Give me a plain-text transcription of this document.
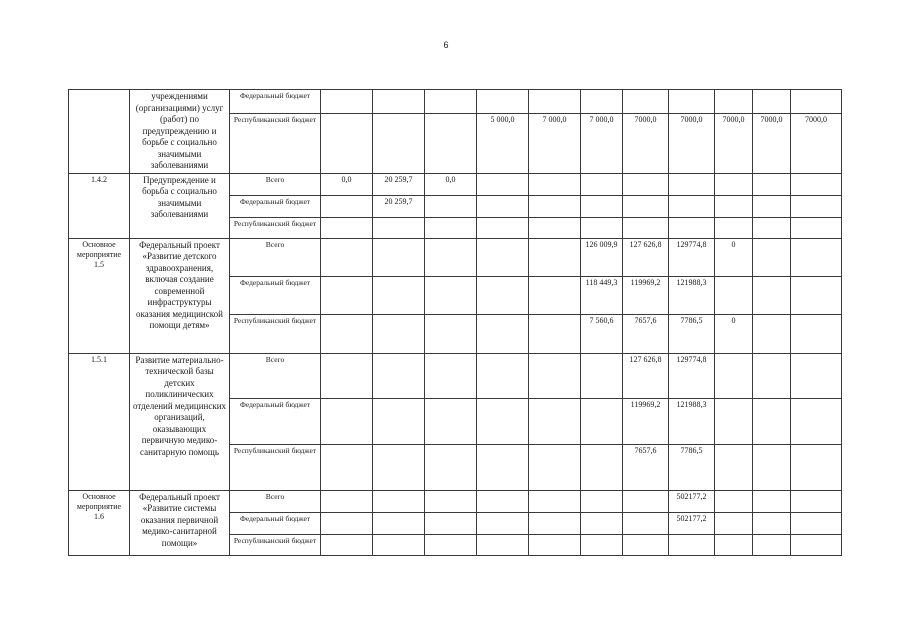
6
	учреждениями (организациями) услуг (работ) по предупреждению и борьбе с социально значимыми заболеваниями	Федеральный бюджет											
		Республиканский бюджет				5 000,0	7 000,0	7 000,0	7000,0	7000,0	7000,0	7000,0	7000,0
1.4.2	Предупреждение и борьба с социально значимыми заболеваниями	Всего	0,0	20 259,7	0,0								
		Федеральный бюджет		20 259,7									
		Республиканский бюджет											
Основное мероприятие 1.5	Федеральный проект «Развитие детского здравоохранения, включая создание современной инфраструктуры оказания медицинской помощи детям»	Всего						126 009,9	127 626,8	129774,8	0		
		Федеральный бюджет						118 449,3	119969,2	121988,3			
		Республиканский бюджет						7 560,6	7657,6	7786,5	0		
1.5.1	Развитие материально-технической базы детских поликлинических отделений медицинских организаций, оказывающих первичную медико-санитарную помощь	Всего							127 626,8	129774,8			
		Федеральный бюджет							119969,2	121988,3			
		Республиканский бюджет							7657,6	7786,5			
Основное мероприятие 1.6	Федеральный проект «Развитие системы оказания первичной медико-санитарной помощи»	Всего								502177,2			
		Федеральный бюджет								502177,2			
		Республиканский бюджет											
